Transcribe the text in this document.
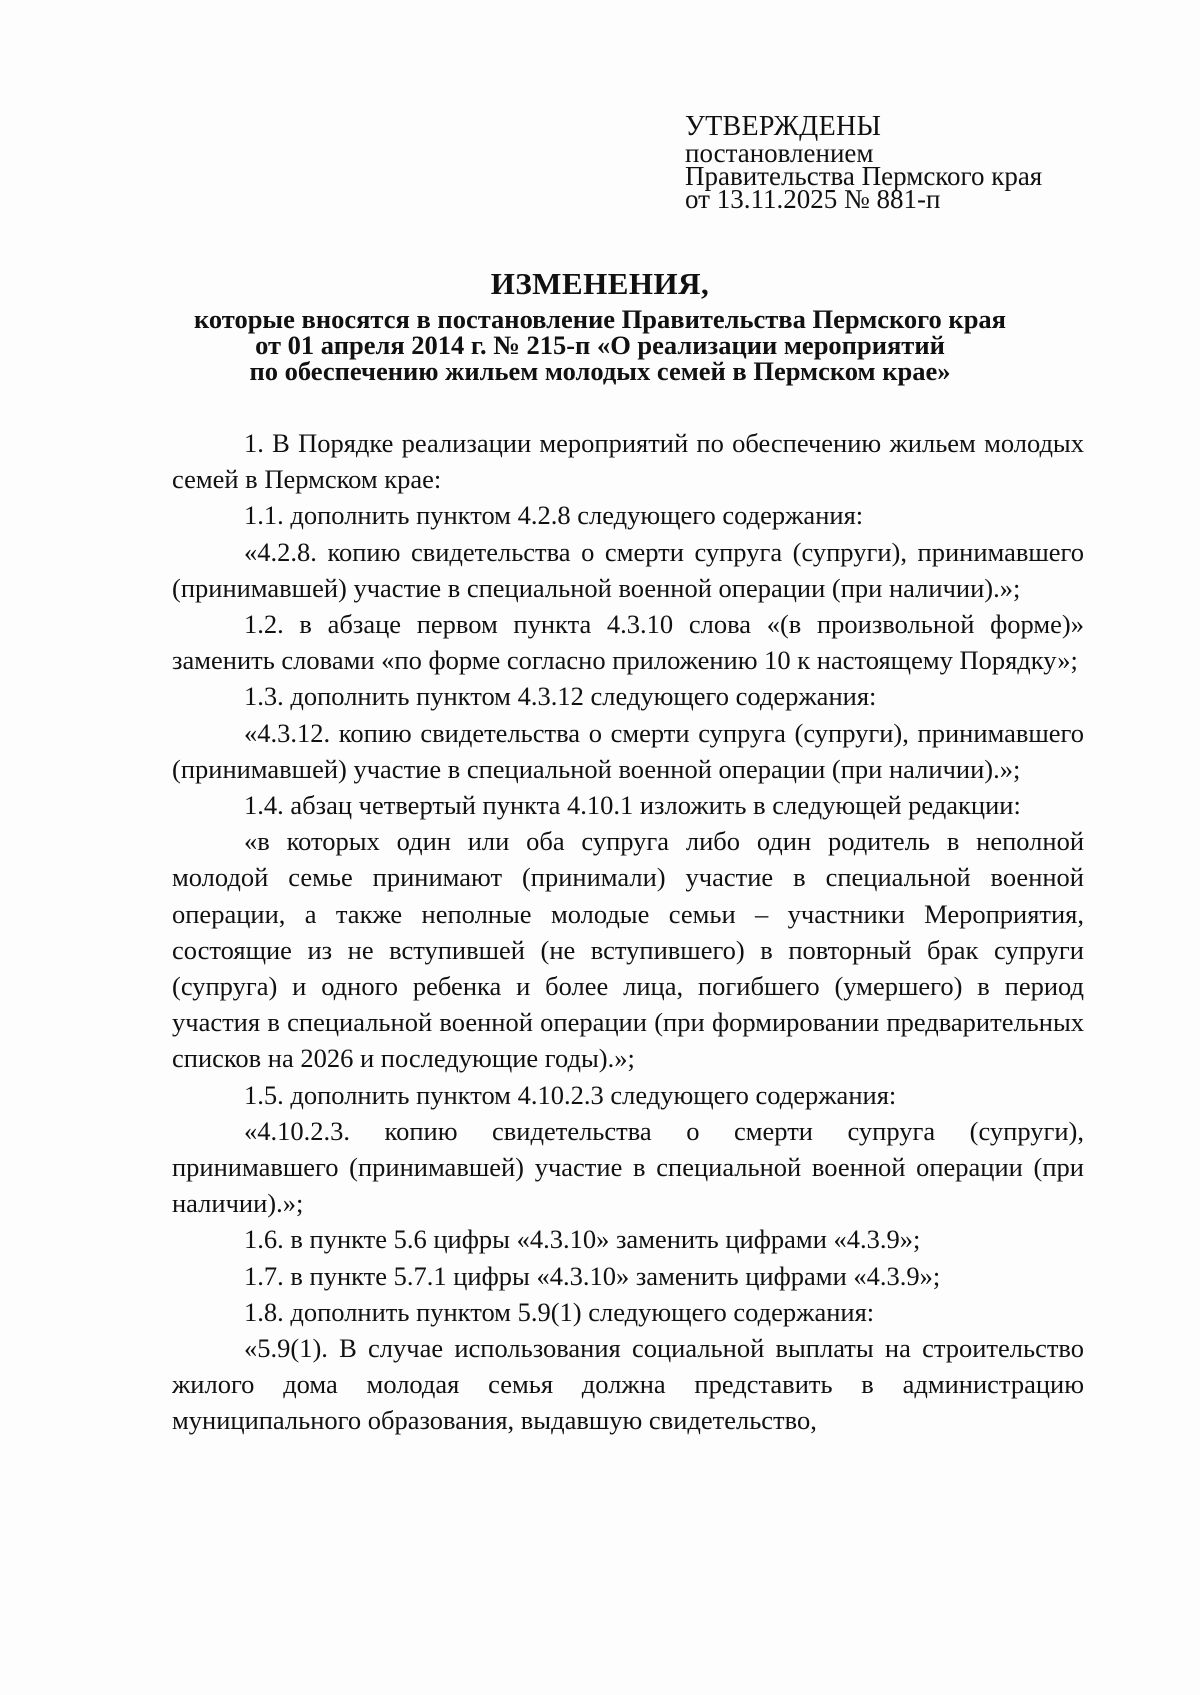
УТВЕРЖДЕНЫ
постановлением
Правительства Пермского края
от 13.11.2025 № 881-п
ИЗМЕНЕНИЯ,
которые вносятся в постановление Правительства Пермского края
от 01 апреля 2014 г. № 215-п «О реализации мероприятий
по обеспечению жильем молодых семей в Пермском крае»

1. В Порядке реализации мероприятий по обеспечению жильем молодых семей в Пермском крае:

1.1. дополнить пунктом 4.2.8 следующего содержания:

«4.2.8. копию свидетельства о смерти супруга (супруги), принимавшего (принимавшей) участие в специальной военной операции (при наличии).»;

1.2. в абзаце первом пункта 4.3.10 слова «(в произвольной форме)» заменить словами «по форме согласно приложению 10 к настоящему Порядку»;

1.3. дополнить пунктом 4.3.12 следующего содержания:

«4.3.12. копию свидетельства о смерти супруга (супруги), принимавшего (принимавшей) участие в специальной военной операции (при наличии).»;

1.4. абзац четвертый пункта 4.10.1 изложить в следующей редакции:

«в которых один или оба супруга либо один родитель в неполной молодой семье принимают (принимали) участие в специальной военной операции, а также неполные молодые семьи – участники Мероприятия, состоящие из не вступившей (не вступившего) в повторный брак супруги (супруга) и одного ребенка и более лица, погибшего (умершего) в период участия в специальной военной операции (при формировании предварительных списков на 2026 и последующие годы).»;

1.5. дополнить пунктом 4.10.2.3 следующего содержания:

«4.10.2.3. копию свидетельства о смерти супруга (супруги), принимавшего (принимавшей) участие в специальной военной операции (при наличии).»;

1.6. в пункте 5.6 цифры «4.3.10» заменить цифрами «4.3.9»;

1.7. в пункте 5.7.1 цифры «4.3.10» заменить цифрами «4.3.9»;

1.8. дополнить пунктом 5.9(1) следующего содержания:

«5.9(1). В случае использования социальной выплаты на строительство жилого дома молодая семья должна представить в администрацию муниципального образования, выдавшую свидетельство,
